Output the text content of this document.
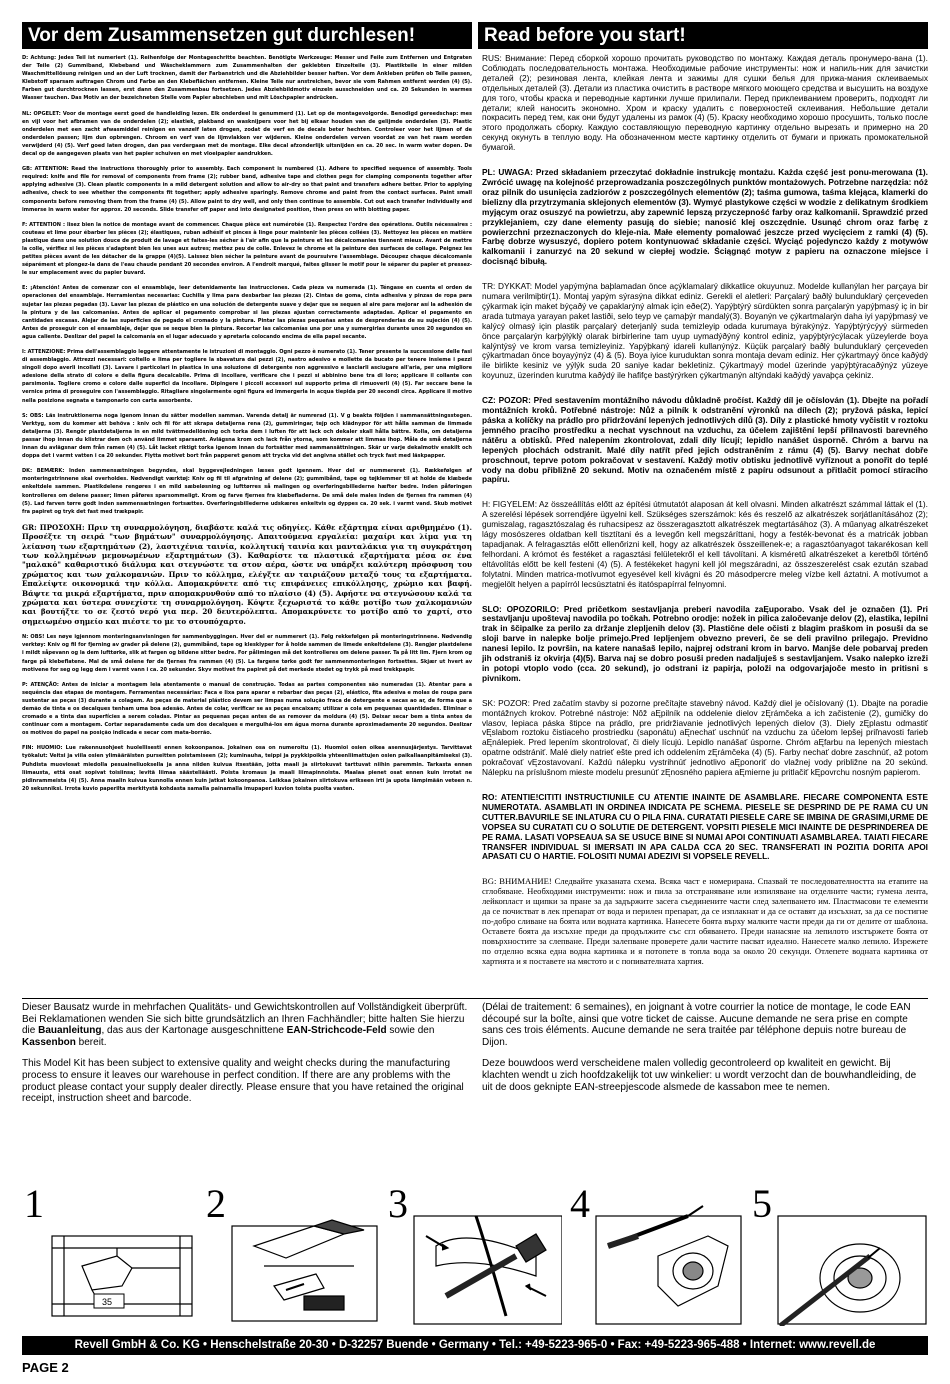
Vor dem Zusammensetzen gut durchlesen!	Read before you start!

D: Achtung: Jedes Teil ist numeriert (1). Reihenfolge der Montageschritte beachten. Benötigte Werkzeuge: Messer und Feile zum Entfernen und Entgraten der Teile (2) Gummiband, Klebeband und Wäscheklammern zum Zusammenhalten der geklebten Einzelteile (3). Plastikteile in einer milden Waschmittellösung reinigen und an der Luft trocknen, damit der Farbanstrich und die Abziehbilder besser haften. Vor dem Ankleben prüfen ob Teile passen, Klebstoff sparsam auftragen Chrom und Farbe an den Klebeflächen entfernen. Kleine Teile nur anstreichen, bevor sie vom Rahmen entfernt werden (4) (5). Farben gut durchtrocknen lassen, erst dann den Zusammenbau fortsetzen. Jedes Abziehbildmotiv einzeln ausschneiden und ca. 20 Sekunden in warmes Wasser tauchen. Das Motiv an der bezeichneten Stelle vom Papier abschieben und mit Löschpapier andrücken.

NL: OPGELET: Voor de montage eerst goed de handleiding lezen. Elk onderdeel is genummerd (1). Let op de montagevolgorde. Benodigd gereedschap: mes en vijl voor het afbramen van de onderdelen (2); elastiek, plakband en wasknijpers voor het bij elkaar houden van de gelijmde onderdelen (3). Plastic onderdelen met een zacht afwasmiddel reinigen en vanzelf laten drogen, zodat de verf en de decals beter hechten. Controleer voor het lijmen of de onderdelen passen; lijm dun opbrengen. Chroom en verf van de lijmvlakken ver wijderen. Kleine onderdelen verven voordat ze van het raam worden verwijderd (4) (5). Verf goed laten drogen, dan pas verdergaan met de montage. Elke decal afzonderlijk uitsnijden en ca. 20 sec. in warm water dopen. De decal op de aangegeven plaats van het papier schuiven en met vloeipapier aandrukken.

GB: ATTENTION: Read the instructions thoroughly prior to assembly. Each component is numbered (1). Adhere to specified sequence of assembly. Tools required: knife and file for removal of components from frame (2); rubber band, adhesive tape and clothes pegs for clamping components together after applying adhesive (3). Clean plastic components in a mild detergent solution and allow to air-dry so that paint and transfers adhere better. Prior to applying adhesive, check to see whether the components fit together; apply adhesive sparingly. Remove chrome and paint from the contact surfaces. Paint small components before removing them from the frame (4) (5). Allow paint to dry well, and only then continue to assemble. Cut out each transfer individually and immerse in warm water for approx. 20 seconds. Slide transfer off paper and into designated position, then press on with blotting paper.

F: ATTENTION : lisez bien la notice de montage avant de commencer. Chaque pièce est numérotée (1). Respectez l'ordre des opérations. Outils nécessaires : couteau et lime pour ébarber les pièces (2); élastiques, ruban adhésif et pinces à linge pour maintenir les pièces collées (3). Nettoyez les pièces en matière plastique dans une solution douce de produit de lavage et faites-les sécher à l'air afin que la peinture et les décalcomanies tiennent mieux. Avant de mettre la colle, vérifiez si les pièces s'adaptent bien les unes aux autres; mettez peu de colle. Enlevez le chrome et la peinture des surfaces de collage. Peignez les petites pièces avant de les détacher de la grappe (4)(5). Laissez bien sécher la peinture avant de poursuivre l'assemblage. Découpez chaque décalcomanie séparément et plongez-la dans de l'eau chaude pendant 20 secondes environ. A l'endroit marqué, faites glisser le motif pour le séparer du papier et pressez-le sur emplacement avec du papier buvard.

E: ¡Atención! Antes de comenzar con el ensamblaje, leer detenidamente las instrucciones. Cada pieza va numerada (1). Téngase en cuenta el orden de operaciones del ensamblaje. Herramientas necesarias: Cuchilla y lima para desbarbar las piezas (2). Cintas de goma, cinta adhesiva y pinzas de ropa para sujetar las piezas pegadas (3). Lavar las piezas de plástico en una solución de detergente suave y dejar que se sequen al aire para mejorar así la adhesión de la pintura y de las calcomanías. Antes de aplicar el pegamento comprobar si las piezas ajustan correctamente adaptadas. Aplicar el pegamento en cantidades escasas. Alejar de las superficies de pegado el cromado y la pintura. Pintar las piezas pequeñas antes de desprenderlas de su sujeción (4) (5). Antes de proseguir con el ensamblaje, dejar que se seque bien la pintura. Recortar las calcomanías una por una y sumergirlas durante unos 20 segundos en agua caliente. Deslizar del papel la calcomanía en el lugar adecuado y apretarla colocando encima de ella papel secante.

I: ATTENZIONE: Prima dell'assemblaggio leggere attentamente le istruzioni di montaggio. Ogni pezzo è numerato (1). Tener presente la successione delle fasi di assemblaggio. Attrezzi necessari: coltello e lima per togliere la sbavatura dai pezzi (2), nastro adesivo e mollette da bucato per tenere insieme i pezzi singoli dopo averli incollati (3). Lavare i particolari in plastica in una soluzione di detergente non aggressivo e lasciarli asciugare all'aria, per una migliore adesione della strato di colore e della figura decalcabile. Prima di incollare, verificare che i pezzi si abbinino bene tra di loro; applicare il collante con parsimonia. Togliere cromo e colore dalle superfici da incollare. Dipingere i piccoli accessori sul supporto prima di rimuoverli (4) (5). Far seccare bene la vernice prima di proseguire con l'assemblaggio. Ritagliare singolarmente ogni figura ed immergerla in acqua tiepida per 20 secondi circa. Applicare il motivo nella posizione segnata e tamponarlo con carta assorbente.

S: OBS: Läs instruktionerna noga igenom innan du sätter modellen samman. Varenda detalj är numrerad (1). V g beakta följden i sammansättningsstegen. Verktyg, som du kommer att behöva : kniv och fil för att skrapa detaljerna rena (2), gummiringar, tejp och klädnypor för att hålla samman de limmade detaljerna (3). Rengör plastdetaljerna in en mild tvättmedellösning och torka dem i luften för att lack och dekaler skall hålla bättre. Kolla, om detaljerna passar ihop innan du klistrar dem och använd limmet sparsamt. Avlägsna krom och lack från ytorna, som kommer att limmas ihop. Måla de små detaljerna innan du avlägsnar dem från ramen (4) (5). Låt lacket riktigt torka igenom innan du fortsätter med sammansättningen. Skär ur varje dekalmotiv enskilt och doppa det i varmt vatten i ca 20 sekunder. Flytta motivet bort från papperet genom att trycka vid det angivna stället och tryck fast med läskpapper.

DK: BEMÆRK: Inden sammensætningen begyndes, skal byggevejledningen læses godt igennem. Hver del er nummereret (1). Rækkefølgen af monteringstrinnene skal overholdes. Nødvendigt værktøj: Kniv og fil til afgratning af delene (2); gummibånd, tape og tøjklemmer til at holde de klæbede enkeltdele sammen. Plastikdelene rengøres i en mild sæbeløsning og lufttørres så malingen og overføringsbillederne hæfter bedre. Inden påføringen kontrolleres om delene passer; limen påføres sparsommeligt. Krom og farve fjernes fra klæbefladerne. De små dele males inden de fjernes fra rammen (4) (5). Lad farven tørre godt inden sammensætningen fortsættes. Overføringsbillederne udskæres enkeltvis og dyppes ca. 20 sek. i varmt vand. Skub motivet fra papiret og tryk det fast med trækpapir.

GR: ΠΡΟΣΟΧΗ: Πριν τη συναρμολόγηση, διαβάστε καλά τις οδηγίες. Κάθε εξάρτημα είναι αριθμημένο (1). Προσέξτε τη σειρά "των βημάτων" συναρμολόγησης. Απαιτούμενα εργαλεία: μαχαίρι και λίμα για τη λείανση των εξαρτημάτων (2), λαστιχένια ταινία, κολλητική ταινία και μανταλάκια για τη συγκράτηση των κολλημένων μεμονωμένων εξαρτημάτων (3). Καθαρίστε τα πλαστικά εξαρτήματα μέσα σε ένα "μαλακό" καθαριστικό διάλυμα και στεγνώστε τα στον αέρα, ώστε να υπάρξει καλύτερη πρόσφυση του χρώματος και των χαλκομανιών. Πριν το κόλλημα, ελέγξτε αν ταιριάζουν μεταξύ τους τα εξαρτήματα. Επαλείψτε οικονομικά την κόλλα. Απομακρύνετε από τις επιφάνειες επικόλλησης, χρώμιο και βαφή. Βάψτε τα μικρά εξαρτήματα, πριν απομακρυνθούν από το πλαίσιο (4) (5). Αφήστε να στεγνώσουν καλά τα χρώματα και ύστερα συνεχίστε τη συναρμολόγηση. Κόψτε ξεχωριστά το κάθε μοτίβο των χαλκομανιών και βουτήξτε το σε ζεστό νερό για περ. 20 δευτερόλεπτα. Απομακρύνετε το μοτίβο από το χαρτί, στο σημειωμένο σημείο και πιέστε το με το στουπόχαρτο.

N: OBS! Les nøye igjennom monteringsanvisningen før sammenbyggingen. Hver del er nummerert (1). Følg rekkefølgen på monteringstrinnene. Nødvendig verktøy: Kniv og fil for fjerning av grader på delene (2), gummibånd, tape og klesklyper for å holde sammen de limede enkeltdelene (3). Rengjør plastdelene i mildt såpevann og la dem lufttørke, slik at fargen og bildene sitter bedre. For pålimingen må det kontrolleres om delene passer. Ta på litt lim. Fjern krom og farge på klebeflatene. Mal de små delene før de fjernes fra rammen (4) (5). La fargene tørke godt før sammenmonteringen fortsettes. Skjær ut hvert av motivene for seg og legg dem i varmt vann i ca. 20 sekunder. Skyv motivet fra papiret på det merkede stedet og trykk på med trekkpapir.

P: ATENÇÃO: Antes de iniciar a montagem leia atentamente o manual de construção. Todas as partes componentes são numeradas (1). Atentar para a sequência das etapas de montagem. Ferramentas necessárias: Faca e lixa para aparar e rebarbar das peças (2), elástico, fita adesiva e molas de roupa para sustentar as peças (3) durante a colagem. As peças de material plástico devem ser limpas numa solução fraca de detergente e secas ao ar, de forma que a demão de tinta e os decalques tenham uma boa adesão. Antes de colar, verificar se as peças encaixam; utilizar a cola em pequenas quantidades. Eliminar o cromado e a tinta das superfícies a serem coladas. Pintar as pequenas peças antes de as remover da moldura (4) (5). Deixar secar bem a tinta antes de continuar com a montagem. Cortar separadamente cada um dos decalques e mergulhá-los em água morna durante aproximadamente 20 segundos. Deslizar os motivos do papel na posição indicada e secar com mata-borrão.

FIN: HUOMIO: Lue rakennusohjeet huolellisesti ennen kokoonpanoa. Jokainen osa on numeroitu (1). Huomioi osien oikea asennusjärjestys. Tarvittavat työkalut: Veitsi ja viila osien ylimääräisten purseitten poistamiseen (2); kuminauha, teippi ja pyykkipoikia yhteenliimattujen osien paikallaanpitämiseksi (3). Puhdista muoviosat miedolla pesuaineliuoksella ja anna niiden kuivua itsestään, jotta maali ja siirtokuvat tarttuvat niihin paremmin. Tarkasta ennen liimausta, että osat sopivat toisiinsa; levitä liimaa säästeliäästi. Poista kromaus ja maali liimapinnoista. Maalaa pienet osat ennen kuin irrotat ne pidinrammeista (4) (5). Anna maalin kuivua kunnolla ennen kuin jatkat kokoonpanoa. Leikkaa jokainen siirtokuva erikseen irti ja upota lämpimään veteen n. 20 sekunniksi. Irrota kuvio paperilta merkitystä kohdasta samalla painamalla imupaperi kuvion toista puolta vasten.

RUS: Внимание: Перед сборкой хорошо прочитать руководство по монтажу. Каждая деталь пронумеро-вана (1). Соблюдать последовательность монтажа. Необходимые рабочие инструменты: нож и напиль-ник для зачистки деталей (2); резиновая лента, клейкая лента и зажимы для сушки белья для прижа-мания склеиваемых отдельных деталей (3). Детали из пластика очистить в растворе мягкого моющего средства и высушить на воздухе для того, чтобы краска и переводные картинки лучше прилипали. Перед приклеиванием проверить, подходят ли детали; клей наносить экономно. Хром и краску удалить с поверхностей склеивания. Небольшие детали покрасить перед тем, как они будут удалены из рамок (4) (5). Краску необходимо хорошо просушить, только после этого продолжать сборку. Каждую составляющую переводную картинку отдельно вырезать и примерно на 20 секунд окунуть в теплую воду. На обозначенном месте картинку отделить от бумаги и прижать промокательной бумагой.

PL: UWAGA: Przed składaniem przeczytać dokładnie instrukcję montażu. Każda część jest ponu-merowana (1). Zwrócić uwagę na kolejność przeprowadzania poszczególnych punktów montażowych. Potrzebne narzędzia: nóż oraz pilnik do usunięcia zadziorów z poszczególnych elementów (2); taśma gumowa, taśma klejąca, klamerki do bielizny dla przytrzymania sklejonych elementów (3). Wymyć plastykowe części w wodzie z delikatnym środkiem myjącym oraz osuszyć na powietrzu, aby zapewnić lepszą przyczepność farby oraz kalkomanii. Sprawdzić przed przyklejaniem, czy dane elementy pasują do siebie; nanosić klej oszczędnie. Usunąć chrom oraz farbę z powierzchni przeznaczonych do kleje-nia. Małe elementy pomalować jeszcze przed wycięciem z ramki (4) (5). Farbę dobrze wysuszyć, dopiero potem kontynuować składanie części. Wyciąć pojedynczo każdy z motywów kalkomanii i zanurzyć na 20 sekund w ciepłej wodzie. Ściągnąć motyw z papieru na oznaczone miejsce i docisnąć bibułą.

TR: DYKKAT: Model yapýmýna baþlamadan önce açýklamalarý dikkatlice okuyunuz. Modelde kullanýlan her parçaya bir numara verilmiþtir(1). Montaj yapým sýrasýna dikkat ediniz. Gerekli el aletleri: Parçalarý baðlý bulunduklarý çerçeveden çýkarmak için maket býçaðý ve çapaklarýný almak için eðe(2). Yapýþtýrý sürdükten sonra parçalarýn yapýþmasý iç in bir arada tutmaya yarayan paket lastiði, selo teyp ve çamaþýr mandalý(3). Boyanýn ve çýkartmalarýn daha iyi yapýþmasý ve kalýcý olmasý için plastik parçalarý deterjanlý suda temizleyip odada kurumaya býrakýnýz. Yapýþtýrýcýyý sürmeden önce parçalarýn karþýlýklý olarak birbirlerine tam uyup uymadýðýný kontrol ediniz, yapýþtýrýcýlacak yüzeylerde boya kalýntýsý ve krom varsa temizleyiniz. Yapýþkaný idareli kullanýnýz. Küçük parçalarý baðlý bulunduklarý çerçeveden çýkartmadan önce boyayýnýz (4) & (5). Boya iyice kuruduktan sonra montaja devam ediniz. Her çýkartmayý önce kaðýdý ile birlikte kesiniz ve yýlýk suda 20 saniye kadar bekletiniz. Çýkartmayý model üzerinde yapýþtýracaðýnýz yüzeye koyunuz, üzerinden kurutma kaðýdý ile hafifçe bastýrýrken çýkartmanýn altýndaki kaðýdý yavaþça çekiniz.

CZ: POZOR: Před sestavením montážního návodu důkladně pročíst. Každý díl je očíslován (1). Dbejte na pořadí montážních kroků. Potřebné nástroje: Nůž a pilník k odstranění výronků na dílech (2); pryžová páska, lepicí páska a kolíčky na prádlo pro přidržování lepených jednotlivých dílů (3). Díly z plastické hmoty vyčistit v roztoku jemného pracího prostředku a nechat vyschnout na vzduchu, za účelem zajištění lepší přilnavosti barevného nátěru a obtisků. Před nalepením zkontrolovat, zdali díly lícují; lepidlo nanášet úsporně. Chróm a barvu na lepených plochách odstranit. Malé díly natřít před jejich odstraněním z rámu (4) (5). Barvy nechat dobře proschnout, teprve potom pokračovat v sestavení. Každý motiv obtisku jednotlivě vyříznout a ponořit do teplé vody na dobu přibližně 20 sekund. Motiv na označeném místě z papíru odsunout a přitlačit pomocí stíracího papíru.

H: FIGYELEM: Az összeállítás előtt az építési útmutatót alaposan át kell olvasni. Minden alkatrészt számmal láttak el (1). A szerelési lépések sorrendjére ügyelni kell. Szükséges szerszámok: kés és reszelő az alkatrészek sorjátlanításához (2); gumiszalag, ragasztószalag és ruhacsipesz az összeragasztott alkatrészek megtartásához (3). A műanyag alkatrészeket lágy mosószeres oldatban kell tisztítani és a levegőn kell megszáríttani, hogy a festék-bevonat és a matricák jobban tapadjanak. A felragasztás előtt ellenőrizni kell, hogy az alkatrészek összeillenek-e; a ragasztóanyagot takarékosan kell felhordani. A krómot és festéket a ragasztási felületekről el kell távolítani. A kisméretű alkatrészeket a keretből történő eltávolítás előtt be kell festeni (4) (5). A festékeket hagyni kell jól megszáradni, az összeszerelést csak ezután szabad folytatni. Minden matrica-motívumot egyesével kell kivágni és 20 másodpercre meleg vízbe kell áztatni. A motívumot a megjelölt helyen a papírról lecsúsztatni és itatóspapírral felnyomni.

SLO: OPOZORILO: Pred pričetkom sestavljanja preberi navodila zaĘuporabo. Vsak del je označen (1). Pri sestavljanju upoštevaj navodila po točkah. Potrebno orodje: nožek in pilica zaločevanje delov (2), elastika, lepilni trak in ščipalke za perilo za držanje zlepljenih delov (3). Plastične dele očisti z blagim praškom in posuši da se sloji barve in nalepke bolje primejo.Pred lepljenjem obvezno preveri, če se deli pravilno prilegajo. Previdno nanesi lepilo. Iz površin, na katere nanašaš lepilo, najprej odstrani krom in barvo. Manjše dele pobarvaj preden jih odstraniš iz okvirja (4)(5). Barva naj se dobro posuši preden nadaljuješ s sestavljanjem. Vsako nalepko izreži in potopi vtoplo vodo (cca. 20 sekund), jo odstrani iz papirja, položi na odgovarjajoče mesto in pritisni s pivnikom.

SK: POZOR: Pred začatím stavby si pozorne prečítajte stavebný návod. Každý diel je očíslovaný (1). Dbajte na poradie montážnych krokov. Potrebné nástroje: Nôž aĘpilník na oddelenie dielov zĘrámčeka a ich začistenie (2), gumičky do vlasov, lepiaca páska štipce na prádlo, pre pridržiavanie jednotlivých lepených dielov (3). Diely zĘplastu odmastiť vĘslabom roztoku čistiaceho prostriedku (saponátu) aĘnechať uschnúť na vzduchu za účelom lepšej priľnavosti farieb aĘnálepiek. Pred lepením skontrolovať, či diely lícujú. Lepidlo nanášať úsporne. Chróm aĘfarbu na lepených miestach opatrne odstrániť. Malé diely natrieť ešte pred ich oddelením zĘrámčeka (4) (5). Farby nechať dobre zaschnúť, až potom pokračovať vĘzostavovaní. Každú nálepku vystrihnúť jednotlivo aĘponoriť do vlažnej vody približne na 20 sekúnd. Nálepku na príslušnom mieste modelu presunúť zĘnosného papiera aĘmierne ju pritlačiť kĘpovrchu nosným papierom.

RO: ATENTIE!CITITI INSTRUCTIUNILE CU ATENTIE INAINTE DE ASAMBLARE. FIECARE COMPONENTA ESTE NUMEROTATA. ASAMBLATI IN ORDINEA INDICATA PE SCHEMA. PIESELE SE DESPRIND DE PE RAMA CU UN CUTTER.BAVURILE SE INLATURA CU O PILA FINA. CURATATI PIESELE CARE SE IMBINA DE GRASIMI,URME DE VOPSEA SU CURATATI CU O SOLUTIE DE DETERGENT. VOPSITI PIESELE MICI INAINTE DE DESPRINDEREA DE PE RAMA. LASATI VOPSEAUA SA SE USUCE BINE SI NUMAI APOI CONTINUATI ASAMBLAREA. TAIATI FIECARE TRANSFER INDIVIDUAL SI IMERSATI IN APA CALDA CCA 20 SEC. TRANSFERATI IN POZITIA DORITA APOI APASATI CU O HARTIE. FOLOSITI NUMAI ADEZIVI SI VOPSELE REVELL.

BG: ВНИМАНИЕ! Следвайте указаната схема. Всяка част е номерирана. Спазвай те последователността на етапите на сглобяване. Необходими инструменти: нож и пила за отстраняване или изпиляване на отделните части; гумена лента, лейкопласт и щипки за пране за да задържите засега съединените части след залепването им. Пластмасови те елементи да се почистват в лек препарат от вода и перилен препарат, да се изплакнат и да се оставят да изсъхнат, за да се постигне по-добро сливане на боята или водната картинка. Нанесете боята върху малките части преди да ги от делите от шаблона. Оставете боята да изсъхне преди да продължите със сгл обяването. Преди нанасяне на лепилото изстържете боята от повърхностите за слепване. Преди залепване проверете дали частите пасват идеално. Нанесете малко лепило. Изрежете по отделно всяка една водна картинка и я потопете в топла вода за около 20 секунди. Отлепете водната картинка от хартията и я поставете на мястото и с попивателната хартия.

Dieser Bausatz wurde in mehrfachen Qualitäts- und Gewichtskontrollen auf Vollständigkeit überprüft. Bei Reklamationen wenden Sie sich bitte grundsätzlich an Ihren Fachhändler; bitte halten Sie hierzu die Bauanleitung, das aus der Kartonage ausgeschnittene EAN-Strichcode-Feld sowie den Kassenbon bereit.

This Model Kit has been subject to extensive quality and weight checks during the manufacturing process to ensure it leaves our warehouse in perfect condition. If there are any problems with the product please contact your supply dealer directly. Please ensure that you have retained the original receipt, instruction sheet and barcode.

(Délai de traitement: 6 semaines), en joignant à votre courrier la notice de montage, le code EAN découpé sur la boîte, ainsi que votre ticket de caisse. Aucune demande ne sera prise en compte sans ces trois éléments. Aucune demande ne sera traitée par téléphone depuis notre bureau de Dijon.

Deze bouwdoos werd verscheidene malen volledig gecontroleerd op kwaliteit en gewicht. Bij klachten wendt u zich hoofdzakelijk tot uw winkelier: u wordt verzocht dan de bouwhandleiding, de uit de doos geknipte EAN-streepjescode alsmede de kassabon mee te nemen.

1
35
2	3	4	5
Revell GmbH & Co. KG • Henschelstraße 20-30 • D-32257 Buende • Germany • Tel.: +49-5223-965-0 • Fax: +49-5223-965-488 • Internet: www.revell.de
PAGE 2
